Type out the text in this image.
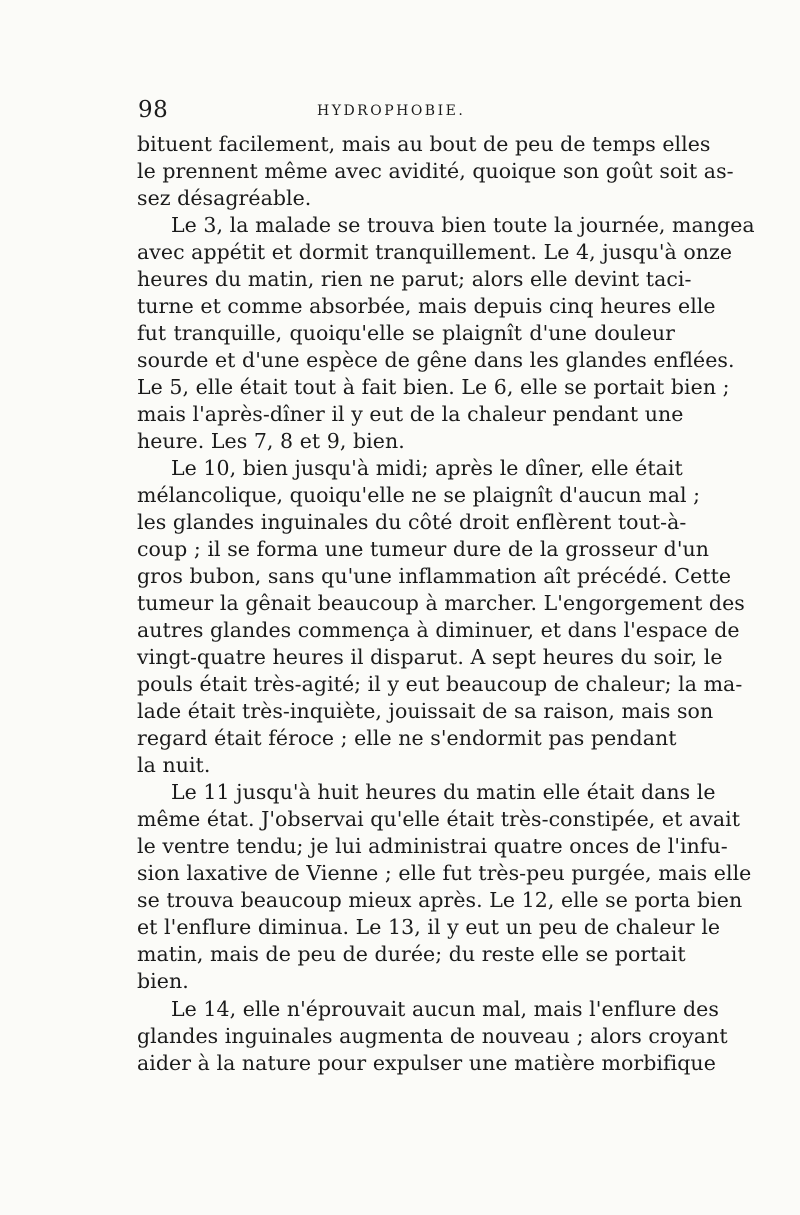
98	HYDROPHOBIE.
bituent facilement, mais au bout de peu de temps elles
le prennent même avec avidité, quoique son goût soit as-
sez désagréable.
Le 3, la malade se trouva bien toute la journée, mangea
avec appétit et dormit tranquillement. Le 4, jusqu'à onze
heures du matin, rien ne parut; alors elle devint taci-
turne et comme absorbée, mais depuis cinq heures elle
fut tranquille, quoiqu'elle se plaignît d'une douleur
sourde et d'une espèce de gêne dans les glandes enflées.
Le 5, elle était tout à fait bien. Le 6, elle se portait bien ;
mais l'après-dîner il y eut de la chaleur pendant une
heure. Les 7, 8 et 9, bien.
Le 10, bien jusqu'à midi; après le dîner, elle était
mélancolique, quoiqu'elle ne se plaignît d'aucun mal ;
les glandes inguinales du côté droit enflèrent tout-à-
coup ; il se forma une tumeur dure de la grosseur d'un
gros bubon, sans qu'une inflammation aît précédé. Cette
tumeur la gênait beaucoup à marcher. L'engorgement des
autres glandes commença à diminuer, et dans l'espace de
vingt-quatre heures il disparut. A sept heures du soir, le
pouls était très-agité; il y eut beaucoup de chaleur; la ma-
lade était très-inquiète, jouissait de sa raison, mais son
regard était féroce ; elle ne s'endormit pas pendant
la nuit.
Le 11 jusqu'à huit heures du matin elle était dans le
même état. J'observai qu'elle était très-constipée, et avait
le ventre tendu; je lui administrai quatre onces de l'infu-
sion laxative de Vienne ; elle fut très-peu purgée, mais elle
se trouva beaucoup mieux après. Le 12, elle se porta bien
et l'enflure diminua. Le 13, il y eut un peu de chaleur le
matin, mais de peu de durée; du reste elle se portait
bien.
Le 14, elle n'éprouvait aucun mal, mais l'enflure des
glandes inguinales augmenta de nouveau ; alors croyant
aider à la nature pour expulser une matière morbifique
